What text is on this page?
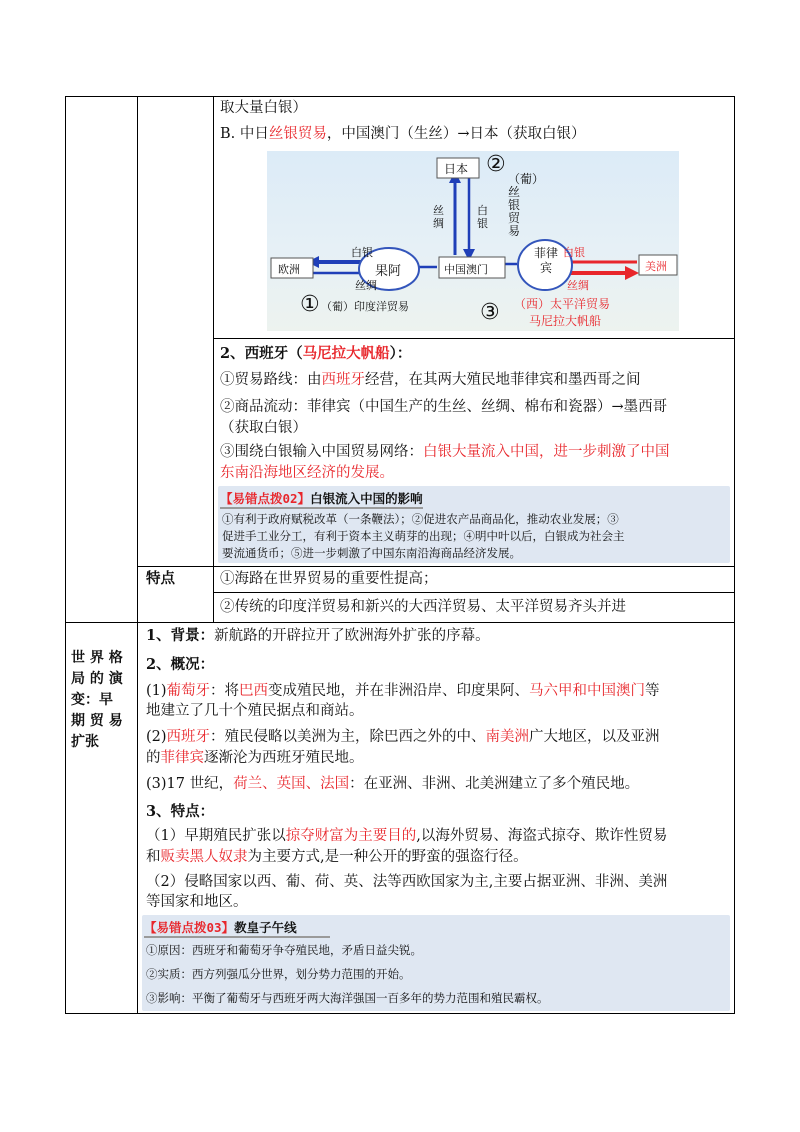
取大量白银）
B. 中日丝银贸易，中国澳门（生丝）→日本（获取白银）
日本 ②
（葡）丝银贸易
丝绸
白银
白银
丝绸
欧洲	果阿	中国澳门
菲律宾
白银
丝绸
美洲
① （葡）印度洋贸易	③ （西）太平洋贸易
马尼拉大帆船
2、西班牙（马尼拉大帆船）：
①贸易路线：由西班牙经营，在其两大殖民地菲律宾和墨西哥之间
②商品流动：菲律宾（中国生产的生丝、丝绸、棉布和瓷器）→墨西哥
（获取白银）
③围绕白银输入中国贸易网络：白银大量流入中国，进一步刺激了中国
东南沿海地区经济的发展。
【易错点拨02】白银流入中国的影响
①有利于政府赋税改革（一条鞭法）；②促进农产品商品化，推动农业发展；③
促进手工业分工，有利于资本主义萌芽的出现；④明中叶以后，白银成为社会主
要流通货币；⑤进一步刺激了中国东南沿海商品经济发展。
特点	①海路在世界贸易的重要性提高；
②传统的印度洋贸易和新兴的大西洋贸易、太平洋贸易齐头并进
世 界 格
局 的 演
变：早
期 贸 易
扩张
1、背景：新航路的开辟拉开了欧洲海外扩张的序幕。
2、概况：
(1)葡萄牙：将巴西变成殖民地，并在非洲沿岸、印度果阿、马六甲和中国澳门等
地建立了几十个殖民据点和商站。
(2)西班牙：殖民侵略以美洲为主，除巴西之外的中、南美洲广大地区，以及亚洲
的菲律宾逐渐沦为西班牙殖民地。
(3)17 世纪，荷兰、英国、法国：在亚洲、非洲、北美洲建立了多个殖民地。
3、特点：
（1）早期殖民扩张以掠夺财富为主要目的,以海外贸易、海盗式掠夺、欺诈性贸易
和贩卖黑人奴隶为主要方式,是一种公开的野蛮的强盗行径。
（2）侵略国家以西、葡、荷、英、法等西欧国家为主,主要占据亚洲、非洲、美洲
等国家和地区。
【易错点拨03】教皇子午线
①原因：西班牙和葡萄牙争夺殖民地，矛盾日益尖锐。
②实质：西方列强瓜分世界，划分势力范围的开始。
③影响：平衡了葡萄牙与西班牙两大海洋强国一百多年的势力范围和殖民霸权。
